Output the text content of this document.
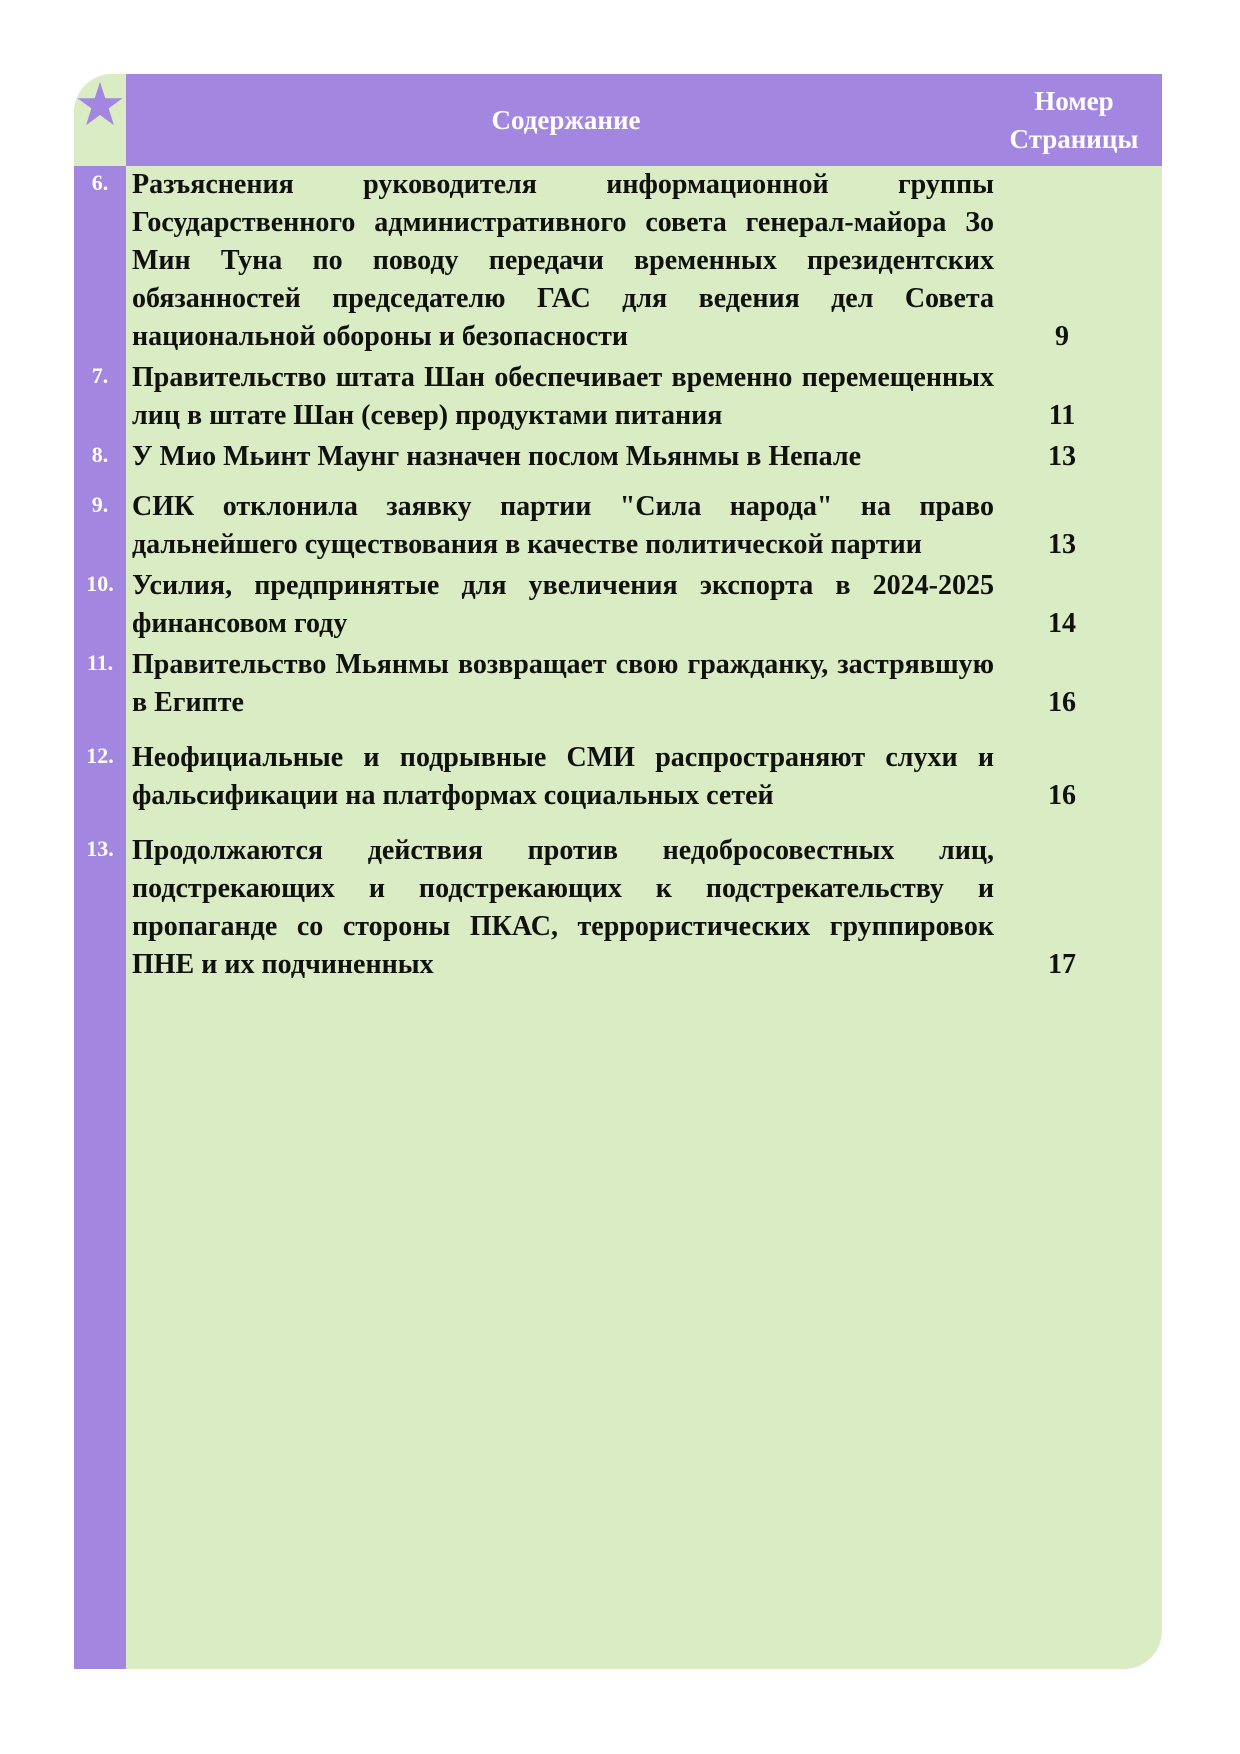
Содержание
Номер
Страницы
6. Разъяснения руководителя информационной группы Государственного административного совета генерал-майора Зо Мин Туна по поводу передачи временных президентских обязанностей председателю ГАС для ведения дел Совета национальной обороны и безопасности	9
7. Правительство штата Шан обеспечивает временно перемещенных лиц в штате Шан (север) продуктами питания	11
8. У Мио Мьинт Маунг назначен послом Мьянмы в Непале	13
9. СИК отклонила заявку партии "Сила народа" на право дальнейшего существования в качестве политической партии	13
10. Усилия, предпринятые для увеличения экспорта в 2024-2025 финансовом году	14
11. Правительство Мьянмы возвращает свою гражданку, застрявшую в Египте	16
12. Неофициальные и подрывные СМИ распространяют слухи и фальсификации на платформах социальных сетей	16
13. Продолжаются действия против недобросовестных лиц, подстрекающих и подстрекающих к подстрекательству и пропаганде со стороны ПКАС, террористических группировок ПНЕ и их подчиненных	17
